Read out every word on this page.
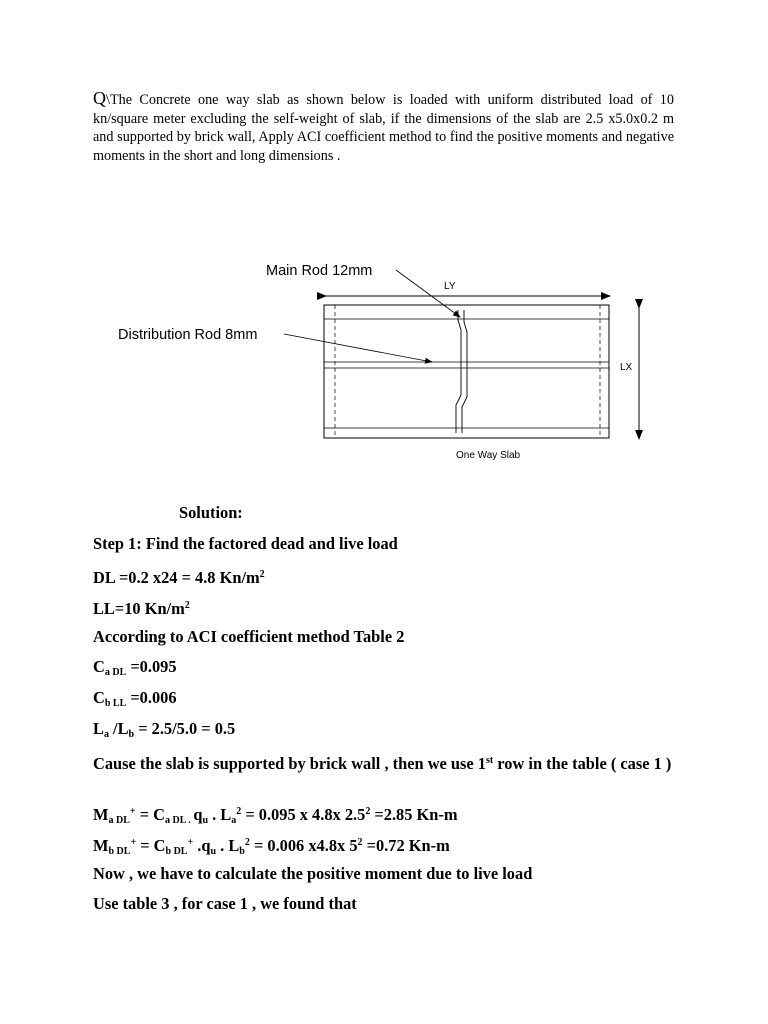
Q\The Concrete one way slab as shown below is loaded with uniform distributed load of 10 kn/square meter excluding the self-weight of slab, if the dimensions of the slab are 2.5 x5.0x0.2 m and supported by brick wall, Apply ACI coefficient method to find the positive moments and negative moments in the short and long dimensions .
Main Rod 12mm
LY
Distribution Rod 8mm
LX
One Way Slab
Solution:
Step 1: Find the factored dead and live load
DL =0.2 x24 = 4.8 $Kn/m^2$
LL=10 $Kn/m^2$
According to ACI coefficient method Table 2
$C_{a DL} =0.095$
$C_{b LL} =0.006$
$L_a$ $/L_b = 2.5/5.0 = 0.5$
Cause the slab is supported by brick wall , then we use 1st row in the table ( case 1 )
$M_{a DL}^+ = C_{a DL .}$ $q_u$ . $L_a^2 = 0.095$ x 4.8x $2.5^2 =2.85$ Kn-m
$M_{b DL}^+ = C_{b DL}^+$ $.q_u$ . $L_b^2 = 0.006$ x4.8x $5^2 =0.72$ Kn-m
Now , we have to calculate the positive moment due to live load
Use table 3 , for case 1 , we found that
